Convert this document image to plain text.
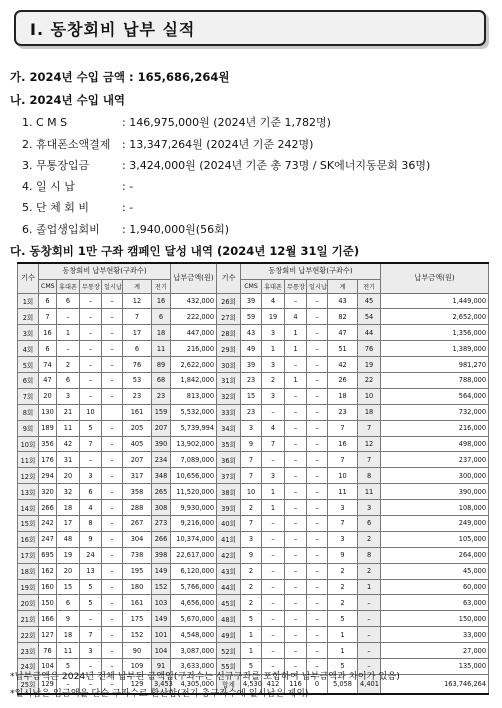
Ⅰ. 동창회비 납부 실적
가. 2024년 수입 금액 : 165,686,264원
나. 2024년 수입 내역
1. C M S	: 146,975,000원 (2024년 기준 1,782명)
2. 휴대폰소액결제 : 13,347,264원 (2024년 기준 242명)
3. 무통장입금	: 3,424,000원 (2024년 기준 총 73명 / SK에너지동문회 36명)
4. 일 시 납	: -
5. 단 체 회 비	: -
6. 졸업생입회비 : 1,940,000원(56회)
다. 동창회비 1만 구좌 캠페인 달성 내역 (2024년 12월 31일 기준)
기수	동창회비 납부현황(구좌수)						납부금액(원)	기수	동창회비 납부현황(구좌수)						납부금액(원)
	CMS	휴대폰	무통장	일시납	계	전기			CMS	휴대폰	무통장	일시납	계	전기	
1회	6	6	–	–	12	16	432,000	26회	39	4	–	–	43	45	1,449,000
2회	7	–	–	–	7	6	222,000	27회	59	19	4	–	82	54	2,652,000
3회	16	1	–	–	17	18	447,000	28회	43	3	1	–	47	44	1,356,000
4회	6	–	–	–	6	11	216,000	29회	49	1	1	–	51	76	1,389,000
5회	74	2	–	–	76	89	2,622,000	30회	39	3	–	–	42	19	981,270
6회	47	6	–	–	53	68	1,842,000	31회	23	2	1	–	26	22	788,000
7회	20	3	–	–	23	23	813,000	32회	15	3	–	–	18	10	564,000
8회	130	21	10		161	159	5,532,000	33회	23	–	–	–	23	18	732,000
9회	189	11	5	–	205	207	5,739,994	34회	3	4	–	–	7	7	216,000
10회	356	42	7	–	405	390	13,902,000	35회	9	7	–	–	16	12	498,000
11회	176	31	–	–	207	234	7,089,000	36회	7	–	–	–	7	7	237,000
12회	294	20	3	–	317	348	10,656,000	37회	7	3	–	–	10	8	300,000
13회	320	32	6	–	358	265	11,520,000	38회	10	1	–	–	11	11	390,000
14회	266	18	4	–	288	308	9,930,000	39회	2	1	–	–	3	3	108,000
15회	242	17	8	–	267	273	9,216,000	40회	7	–	–	–	7	6	249,000
16회	247	48	9	–	304	266	10,374,000	41회	3	–	–	–	3	2	105,000
17회	695	19	24	–	738	398	22,617,000	42회	9	–	–	–	9	8	264,000
18회	162	20	13	–	195	149	6,120,000	43회	2	–	–	–	2	2	45,000
19회	160	15	5	–	180	152	5,766,000	44회	2	–	–	–	2	1	60,000
20회	150	6	5	–	161	103	4,656,000	45회	2	–	–	–	2	–	63,000
21회	166	9	–	–	175	149	5,670,000	48회	5	–	–	–	5	–	150,000
22회	127	18	7	–	152	101	4,548,000	49회	1	–	–	–	1	–	33,000
23회	76	11	3	–	90	104	3,087,000	52회	1	–	–	–	1	–	27,000
24회	104	5	–	–	109	91	3,633,000	55회	5	–	–	–	5	–	135,000
25회	129	–	–	–	129	3,453	4,305,000	합계	4,530	412	116	0	5,058	4,401	163,746,264
*납부금액은 2024년 전체 납부된 금액임(구좌수는 신규구좌를 포함하여 납부금액과 차이가 있음)
*일시납은 입금액을 단순 구좌수로 환산함(전기 총구좌수에 일시납은 제외)
